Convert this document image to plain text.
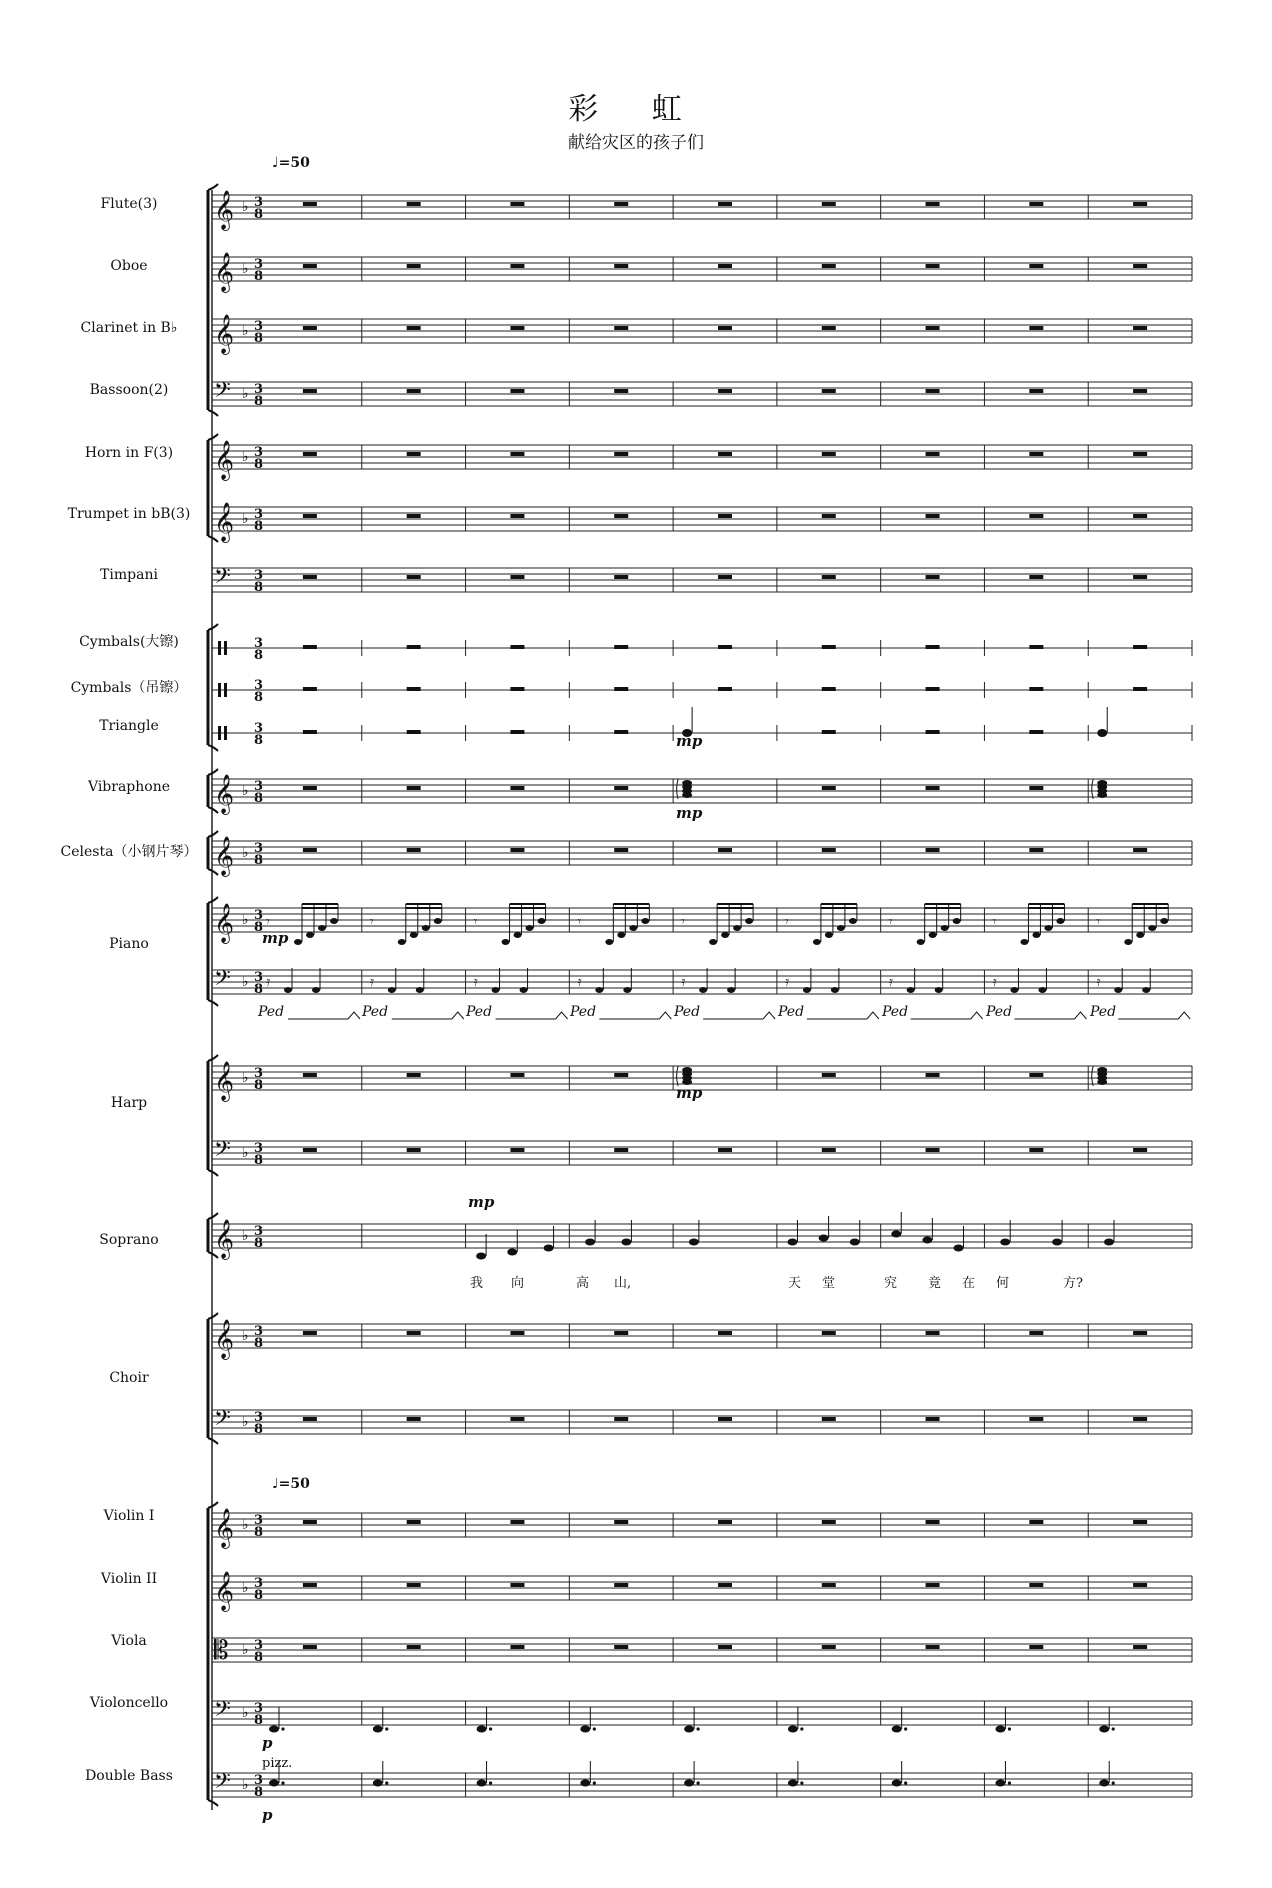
𝄞 ♭ 3
8
𝄞 ♭ 3
8
𝄞 ♭ 3
8
𝄢 ♭ 3
8
𝄞 ♭ 3
8
𝄞 ♭ 3
8
𝄢 3
8
3
8
3
8
3
8
𝄞 ♭ 3
8
𝄞 ♭ 3
8
𝄞 ♭ 3
8
𝄢 ♭ 3
8
𝄞 ♭ 3
8
𝄢 ♭ 3
8
𝄞 ♭ 3
8
𝄞 ♭ 3
8
𝄢 ♭ 3
8
𝄞 ♭ 3
8
𝄞 ♭ 3
8
𝄡 ♭ 3
8
𝄢 ♭ 3
8
𝄢 ♭ 3
8
𝄾
𝄿
𝄾
𝄿
𝄾
𝄿
𝄾
𝄿
𝄾
𝄿
𝄾
𝄿
𝄾
𝄿
𝄾
𝄿
𝄾
𝄿
彩 虹
献给灾区的孩子们
♩=50
♩=50
Flute(3)
Oboe
Clarinet in B♭
Bassoon(2)
Horn in F(3)
Trumpet in bB(3)
Timpani
Cymbals(大镲)
Cymbals（吊镲）
Triangle
Vibraphone
Celesta（小钢片琴）
Piano
Harp
Soprano
Choir
Violin I
Violin II
Viola
Violoncello
Double Bass
mp
mp
mp
mp
mp
p
p
pizz.
我 向	高 山,	天 堂	究 竟 在 何	方?
Ped	Ped	Ped	Ped	Ped	Ped	Ped	Ped	Ped
